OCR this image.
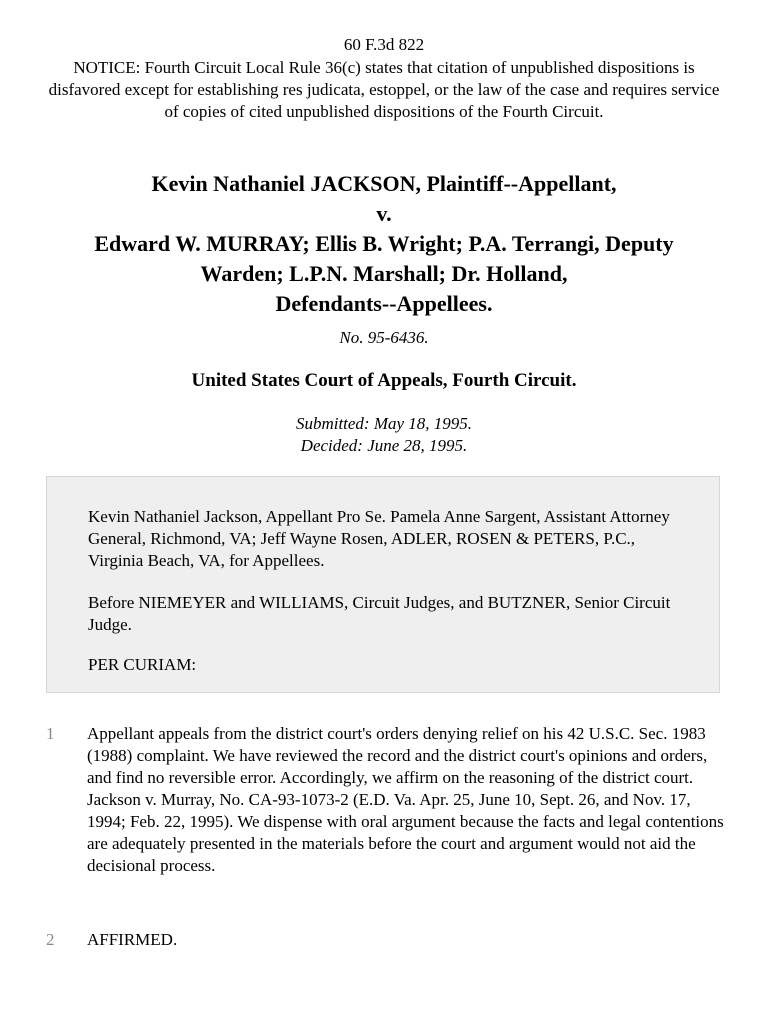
60 F.3d 822
NOTICE: Fourth Circuit Local Rule 36(c) states that citation of unpublished dispositions is disfavored except for establishing res judicata, estoppel, or the law of the case and requires service of copies of cited unpublished dispositions of the Fourth Circuit.
Kevin Nathaniel JACKSON, Plaintiff--Appellant,
v.
Edward W. MURRAY; Ellis B. Wright; P.A. Terrangi, Deputy
Warden; L.P.N. Marshall; Dr. Holland,
Defendants--Appellees.
No. 95-6436.
United States Court of Appeals, Fourth Circuit.
Submitted: May 18, 1995.
Decided: June 28, 1995.

Kevin Nathaniel Jackson, Appellant Pro Se. Pamela Anne Sargent, Assistant Attorney General, Richmond, VA; Jeff Wayne Rosen, ADLER, ROSEN & PETERS, P.C., Virginia Beach, VA, for Appellees.

Before NIEMEYER and WILLIAMS, Circuit Judges, and BUTZNER, Senior Circuit Judge.

PER CURIAM:

1	Appellant appeals from the district court's orders denying relief on his 42 U.S.C. Sec. 1983 (1988) complaint. We have reviewed the record and the district court's opinions and orders, and find no reversible error. Accordingly, we affirm on the reasoning of the district court. Jackson v. Murray, No. CA-93-1073-2 (E.D. Va. Apr. 25, June 10, Sept. 26, and Nov. 17, 1994; Feb. 22, 1995). We dispense with oral argument because the facts and legal contentions are adequately presented in the materials before the court and argument would not aid the decisional process.
2	AFFIRMED.
